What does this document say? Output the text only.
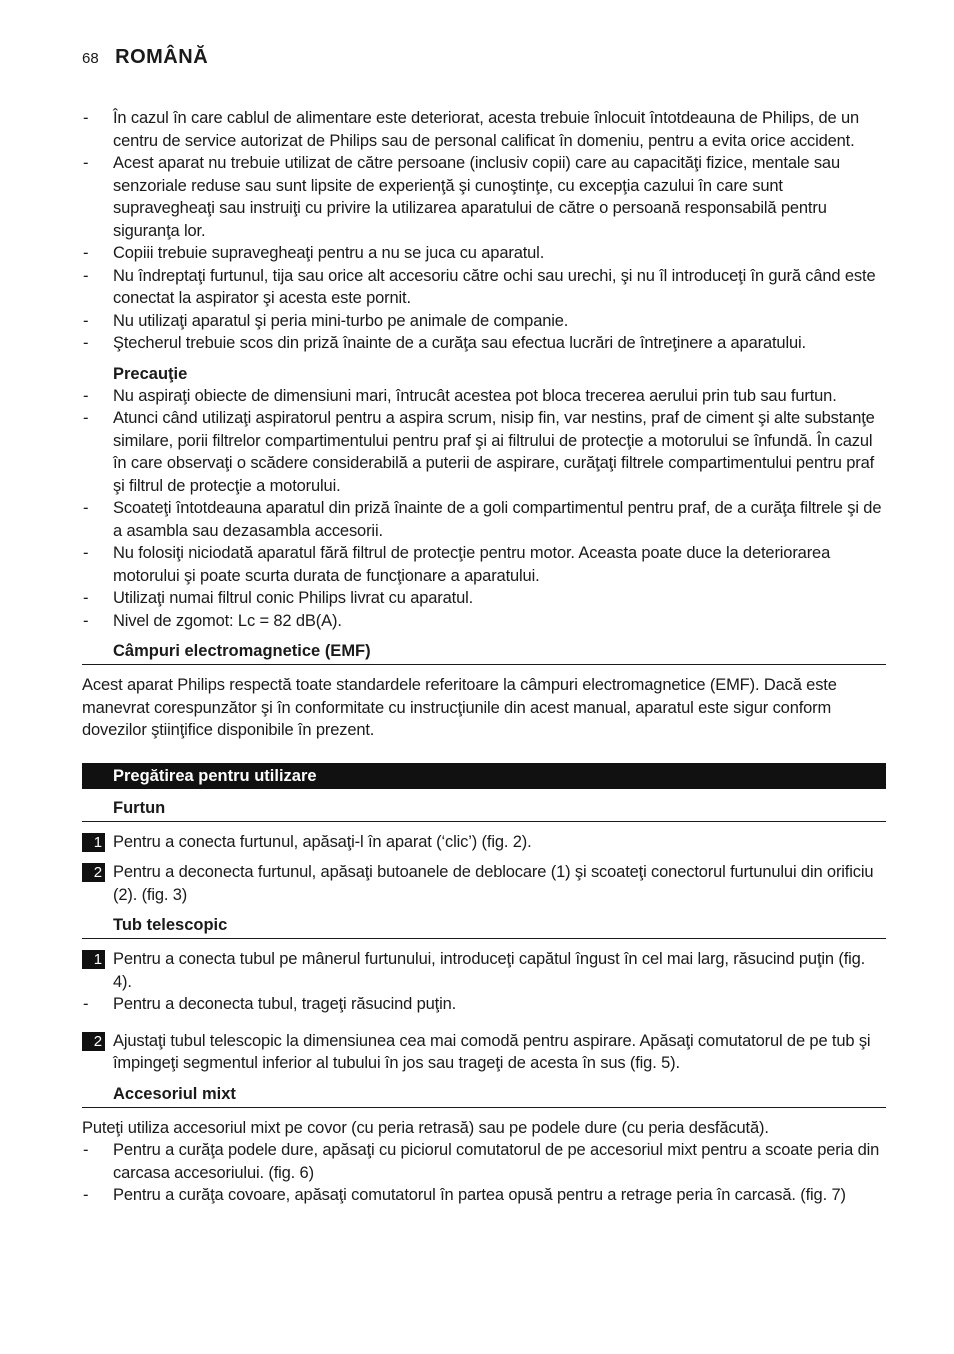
68 ROMÂNĂ
- În cazul în care cablul de alimentare este deteriorat, acesta trebuie înlocuit întotdeauna de Philips, de un centru de service autorizat de Philips sau de personal calificat în domeniu, pentru a evita orice accident.
- Acest aparat nu trebuie utilizat de către persoane (inclusiv copii) care au capacităţi fizice, mentale sau senzoriale reduse sau sunt lipsite de experienţă şi cunoştinţe, cu excepţia cazului în care sunt supravegheaţi sau instruiţi cu privire la utilizarea aparatului de către o persoană responsabilă pentru siguranţa lor.
- Copiii trebuie supravegheaţi pentru a nu se juca cu aparatul.
- Nu îndreptaţi furtunul, tija sau orice alt accesoriu către ochi sau urechi, şi nu îl introduceţi în gură când este conectat la aspirator şi acesta este pornit.
- Nu utilizaţi aparatul şi peria mini-turbo pe animale de companie.
- Ştecherul trebuie scos din priză înainte de a curăţa sau efectua lucrări de întreţinere a aparatului.
Precauţie
- Nu aspiraţi obiecte de dimensiuni mari, întrucât acestea pot bloca trecerea aerului prin tub sau furtun.
- Atunci când utilizaţi aspiratorul pentru a aspira scrum, nisip fin, var nestins, praf de ciment şi alte substanţe similare, porii filtrelor compartimentului pentru praf şi ai filtrului de protecţie a motorului se înfundă. În cazul în care observaţi o scădere considerabilă a puterii de aspirare, curăţaţi filtrele compartimentului pentru praf şi filtrul de protecţie a motorului.
- Scoateţi întotdeauna aparatul din priză înainte de a goli compartimentul pentru praf, de a curăţa filtrele şi de a asambla sau dezasambla accesorii.
- Nu folosiţi niciodată aparatul fără filtrul de protecţie pentru motor. Aceasta poate duce la deteriorarea motorului şi poate scurta durata de funcţionare a aparatului.
- Utilizaţi numai filtrul conic Philips livrat cu aparatul.
- Nivel de zgomot: Lc = 82 dB(A).
Câmpuri electromagnetice (EMF)
Acest aparat Philips respectă toate standardele referitoare la câmpuri electromagnetice (EMF). Dacă este manevrat corespunzător şi în conformitate cu instrucţiunile din acest manual, aparatul este sigur conform dovezilor ştiinţifice disponibile în prezent.
Pregătirea pentru utilizare
Furtun
1 Pentru a conecta furtunul, apăsaţi-l în aparat (‘clic’) (fig. 2).
2 Pentru a deconecta furtunul, apăsaţi butoanele de deblocare (1) şi scoateţi conectorul furtunului din orificiu (2). (fig. 3)
Tub telescopic
1 Pentru a conecta tubul pe mânerul furtunului, introduceţi capătul îngust în cel mai larg, răsucind puţin (fig. 4).
- Pentru a deconecta tubul, trageţi răsucind puţin.
2 Ajustaţi tubul telescopic la dimensiunea cea mai comodă pentru aspirare. Apăsaţi comutatorul de pe tub şi împingeţi segmentul inferior al tubului în jos sau trageţi de acesta în sus (fig. 5).
Accesoriul mixt
Puteţi utiliza accesoriul mixt pe covor (cu peria retrasă) sau pe podele dure (cu peria desfăcută).
- Pentru a curăţa podele dure, apăsaţi cu piciorul comutatorul de pe accesoriul mixt pentru a scoate peria din carcasa accesoriului. (fig. 6)
- Pentru a curăţa covoare, apăsaţi comutatorul în partea opusă pentru a retrage peria în carcasă. (fig. 7)
